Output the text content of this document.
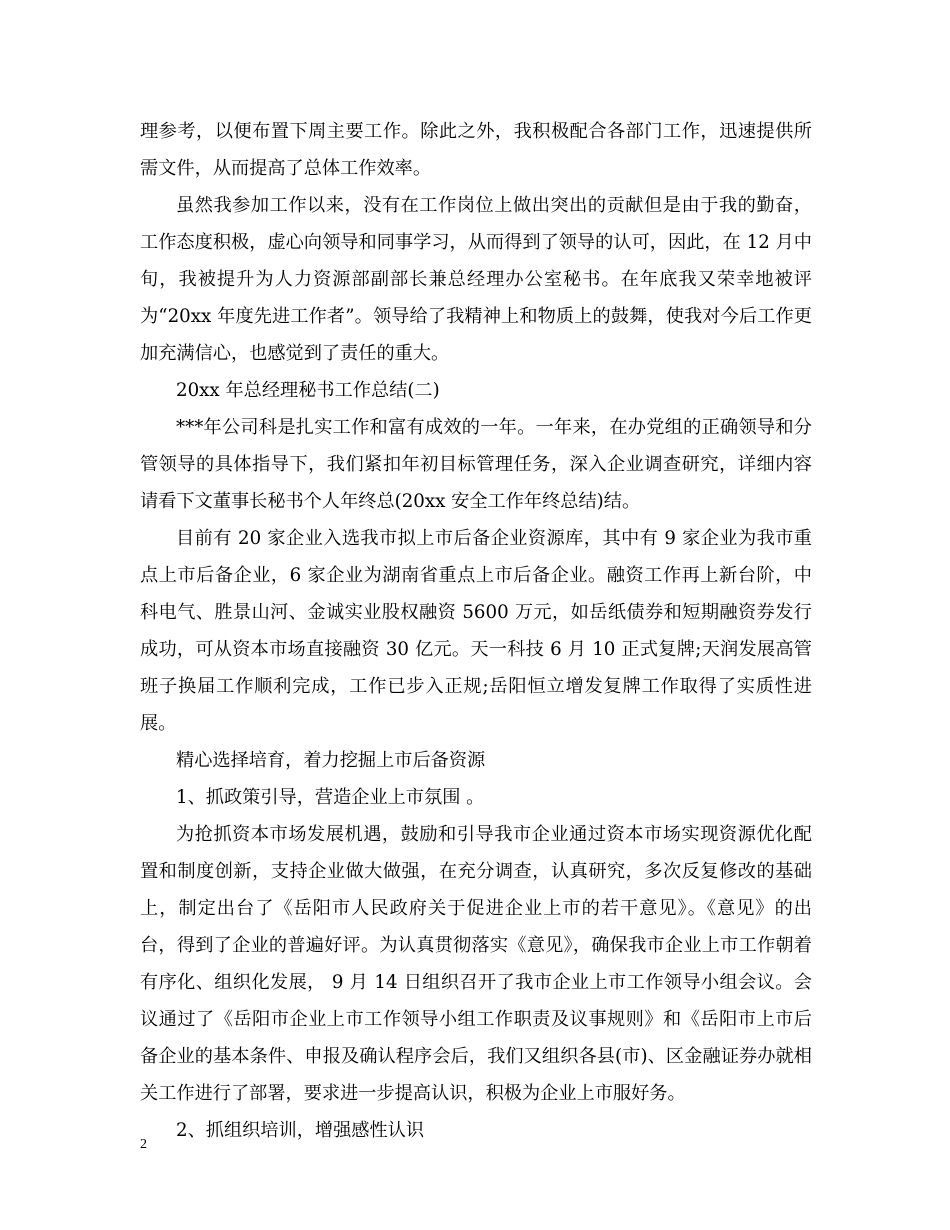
理参考，以便布置下周主要工作。除此之外，我积极配合各部门工作，迅速提供所需文件，从而提高了总体工作效率。

虽然我参加工作以来，没有在工作岗位上做出突出的贡献但是由于我的勤奋，工作态度积极，虚心向领导和同事学习，从而得到了领导的认可，因此，在 12 月中旬，我被提升为人力资源部副部长兼总经理办公室秘书。在年底我又荣幸地被评为“20xx 年度先进工作者”。领导给了我精神上和物质上的鼓舞，使我对今后工作更加充满信心，也感觉到了责任的重大。

20xx 年总经理秘书工作总结(二)

***年公司科是扎实工作和富有成效的一年。一年来，在办党组的正确领导和分管领导的具体指导下，我们紧扣年初目标管理任务，深入企业调查研究，详细内容请看下文董事长秘书个人年终总(20xx 安全工作年终总结)结。

目前有 20 家企业入选我市拟上市后备企业资源库，其中有 9 家企业为我市重点上市后备企业，6 家企业为湖南省重点上市后备企业。融资工作再上新台阶，中科电气、胜景山河、金诚实业股权融资 5600 万元，如岳纸债券和短期融资券发行成功，可从资本市场直接融资 30 亿元。天一科技 6 月 10 正式复牌;天润发展高管班子换届工作顺利完成，工作已步入正规;岳阳恒立增发复牌工作取得了实质性进展。

精心选择培育，着力挖掘上市后备资源

1、抓政策引导，营造企业上市氛围 。

为抢抓资本市场发展机遇，鼓励和引导我市企业通过资本市场实现资源优化配置和制度创新，支持企业做大做强，在充分调查，认真研究，多次反复修改的基础上，制定出台了《岳阳市人民政府关于促进企业上市的若干意见》。《意见》的出台，得到了企业的普遍好评。为认真贯彻落实《意见》，确保我市企业上市工作朝着有序化、组织化发展， 9 月 14 日组织召开了我市企业上市工作领导小组会议。会议通过了《岳阳市企业上市工作领导小组工作职责及议事规则》和《岳阳市上市后备企业的基本条件、申报及确认程序会后，我们又组织各县(市)、区金融证券办就相关工作进行了部署，要求进一步提高认识，积极为企业上市服好务。

2、抓组织培训，增强感性认识

2
